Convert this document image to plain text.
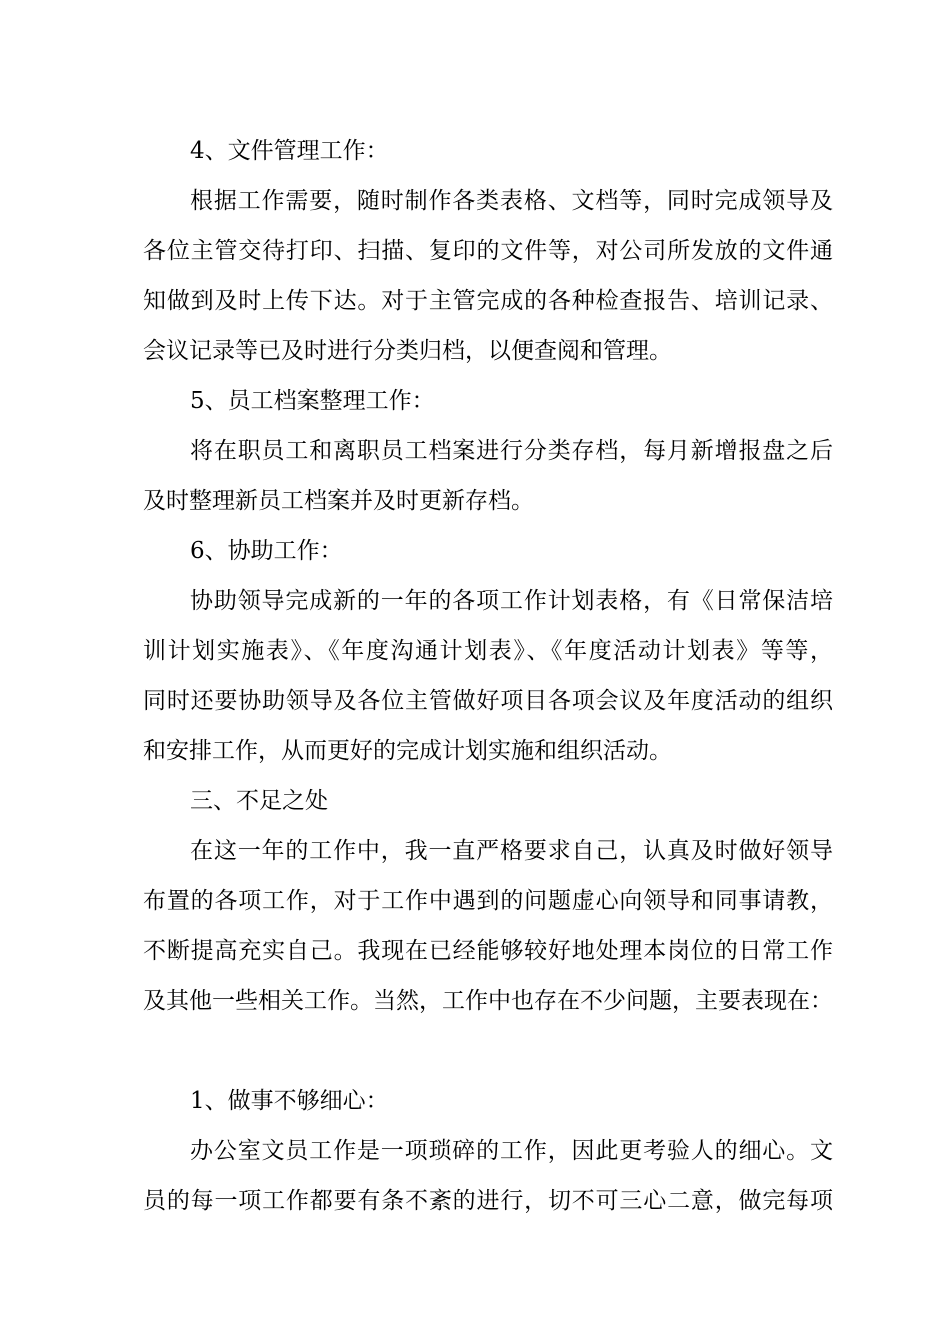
4、文件管理工作：
根据工作需要，随时制作各类表格、文档等，同时完成领导及
各位主管交待打印、扫描、复印的文件等，对公司所发放的文件通
知做到及时上传下达。对于主管完成的各种检查报告、培训记录、
会议记录等已及时进行分类归档，以便查阅和管理。
5、员工档案整理工作：
将在职员工和离职员工档案进行分类存档，每月新增报盘之后
及时整理新员工档案并及时更新存档。
6、协助工作：
协助领导完成新的一年的各项工作计划表格，有《日常保洁培
训计划实施表》、《年度沟通计划表》、《年度活动计划表》等等，
同时还要协助领导及各位主管做好项目各项会议及年度活动的组织
和安排工作，从而更好的完成计划实施和组织活动。
三、不足之处
在这一年的工作中，我一直严格要求自己，认真及时做好领导
布置的各项工作，对于工作中遇到的问题虚心向领导和同事请教，
不断提高充实自己。我现在已经能够较好地处理本岗位的日常工作
及其他一些相关工作。当然，工作中也存在不少问题，主要表现在：
1、做事不够细心：
办公室文员工作是一项琐碎的工作，因此更考验人的细心。文
员的每一项工作都要有条不紊的进行，切不可三心二意，做完每项
